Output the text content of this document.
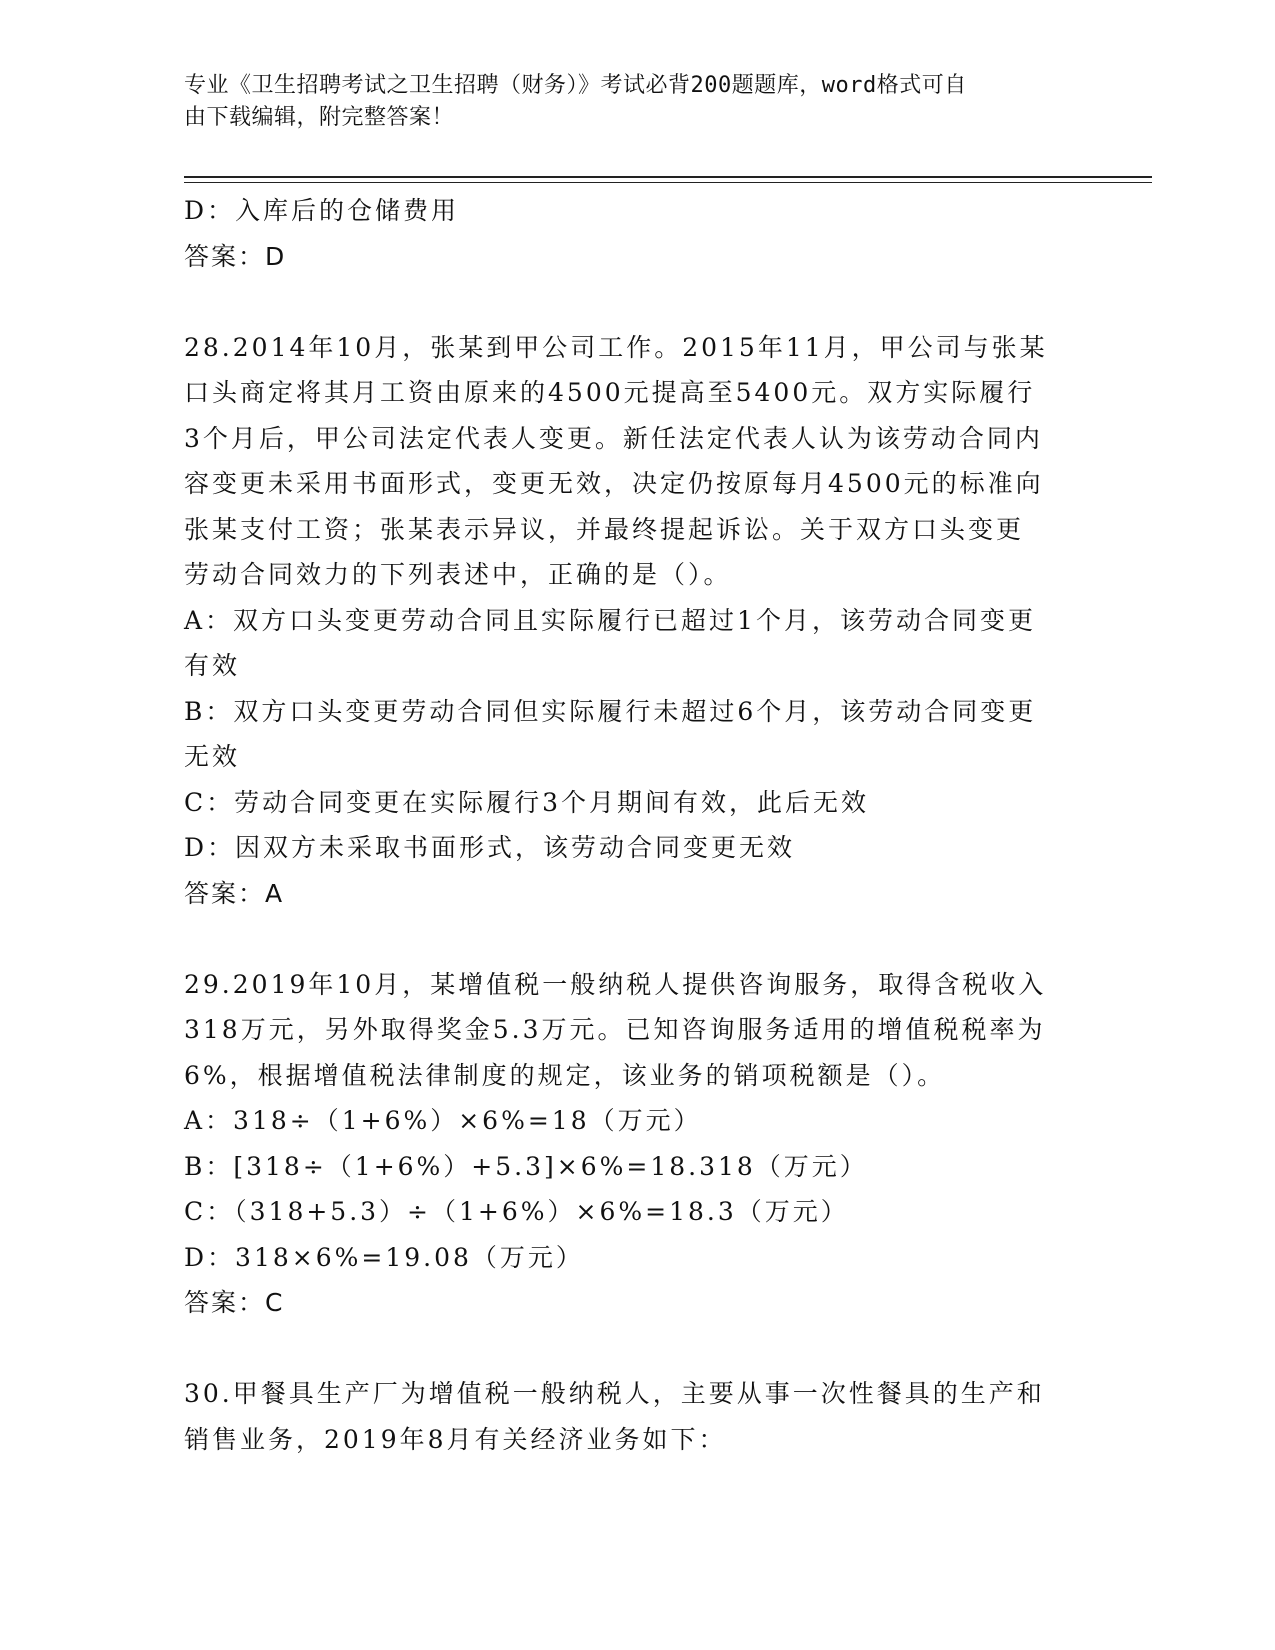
专业《卫生招聘考试之卫生招聘（财务）》考试必背200题题库，word格式可自
由下载编辑，附完整答案！
D：入库后的仓储费用
答案：D
28.2014年10月，张某到甲公司工作。2015年11月，甲公司与张某
口头商定将其月工资由原来的4500元提高至5400元。双方实际履行
3个月后，甲公司法定代表人变更。新任法定代表人认为该劳动合同内
容变更未采用书面形式，变更无效，决定仍按原每月4500元的标准向
张某支付工资；张某表示异议，并最终提起诉讼。关于双方口头变更
劳动合同效力的下列表述中，正确的是（）。
A：双方口头变更劳动合同且实际履行已超过1个月，该劳动合同变更
有效
B：双方口头变更劳动合同但实际履行未超过6个月，该劳动合同变更
无效
C：劳动合同变更在实际履行3个月期间有效，此后无效
D：因双方未采取书面形式，该劳动合同变更无效
答案：A
29.2019年10月，某增值税一般纳税人提供咨询服务，取得含税收入
318万元，另外取得奖金5.3万元。已知咨询服务适用的增值税税率为
6%，根据增值税法律制度的规定，该业务的销项税额是（）。
A：318÷（1+6%）×6%=18（万元）
B：[318÷（1+6%）+5.3]×6%=18.318（万元）
C：（318+5.3）÷（1+6%）×6%=18.3（万元）
D：318×6%=19.08（万元）
答案：C
30.甲餐具生产厂为增值税一般纳税人，主要从事一次性餐具的生产和
销售业务，2019年8月有关经济业务如下：
